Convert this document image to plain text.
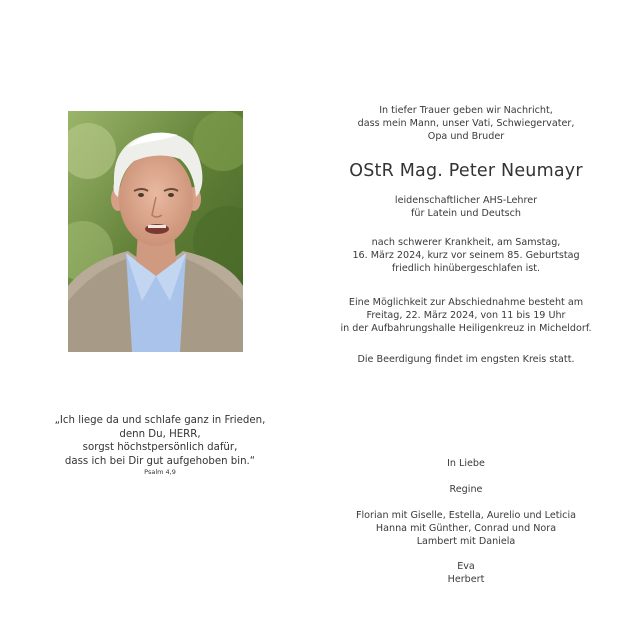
In tiefer Trauer geben wir Nachricht,
dass mein Mann, unser Vati, Schwiegervater,
Opa und Bruder
OStR Mag. Peter Neumayr
leidenschaftlicher AHS-Lehrer
für Latein und Deutsch
nach schwerer Krankheit, am Samstag,
16. März 2024, kurz vor seinem 85. Geburtstag
friedlich hinübergeschlafen ist.
Eine Möglichkeit zur Abschiednahme besteht am
Freitag, 22. März 2024, von 11 bis 19 Uhr
in der Aufbahrungshalle Heiligenkreuz in Micheldorf.
Die Beerdigung findet im engsten Kreis statt.
„Ich liege da und schlafe ganz in Frieden,
denn Du, HERR,
sorgst höchstpersönlich dafür,
dass ich bei Dir gut aufgehoben bin.“
Psalm 4,9
In Liebe
Regine
Florian mit Giselle, Estella, Aurelio und Leticia
Hanna mit Günther, Conrad und Nora
Lambert mit Daniela
Eva
Herbert
